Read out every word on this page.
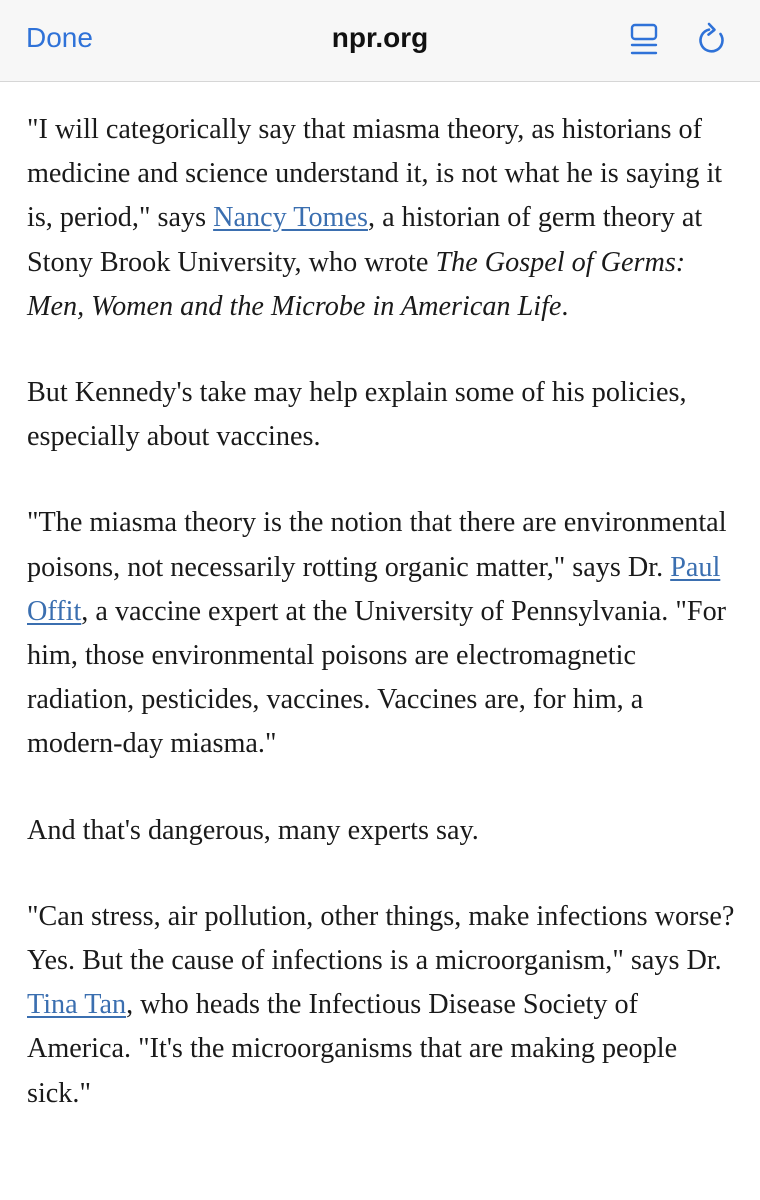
Done	npr.org

"I will categorically say that miasma theory, as historians of medicine and science understand it, is not what he is saying it is, period," says Nancy Tomes, a historian of germ theory at Stony Brook University, who wrote The Gospel of Germs: Men, Women and the Microbe in American Life.

But Kennedy's take may help explain some of his policies, especially about vaccines.

"The miasma theory is the notion that there are environmental poisons, not necessarily rotting organic matter," says Dr. Paul Offit, a vaccine expert at the University of Pennsylvania. "For him, those environmental poisons are electromagnetic radiation, pesticides, vaccines. Vaccines are, for him, a modern-day miasma."

And that's dangerous, many experts say.

"Can stress, air pollution, other things, make infections worse? Yes. But the cause of infections is a microorganism," says Dr. Tina Tan, who heads the Infectious Disease Society of America. "It's the microorganisms that are making people sick."
